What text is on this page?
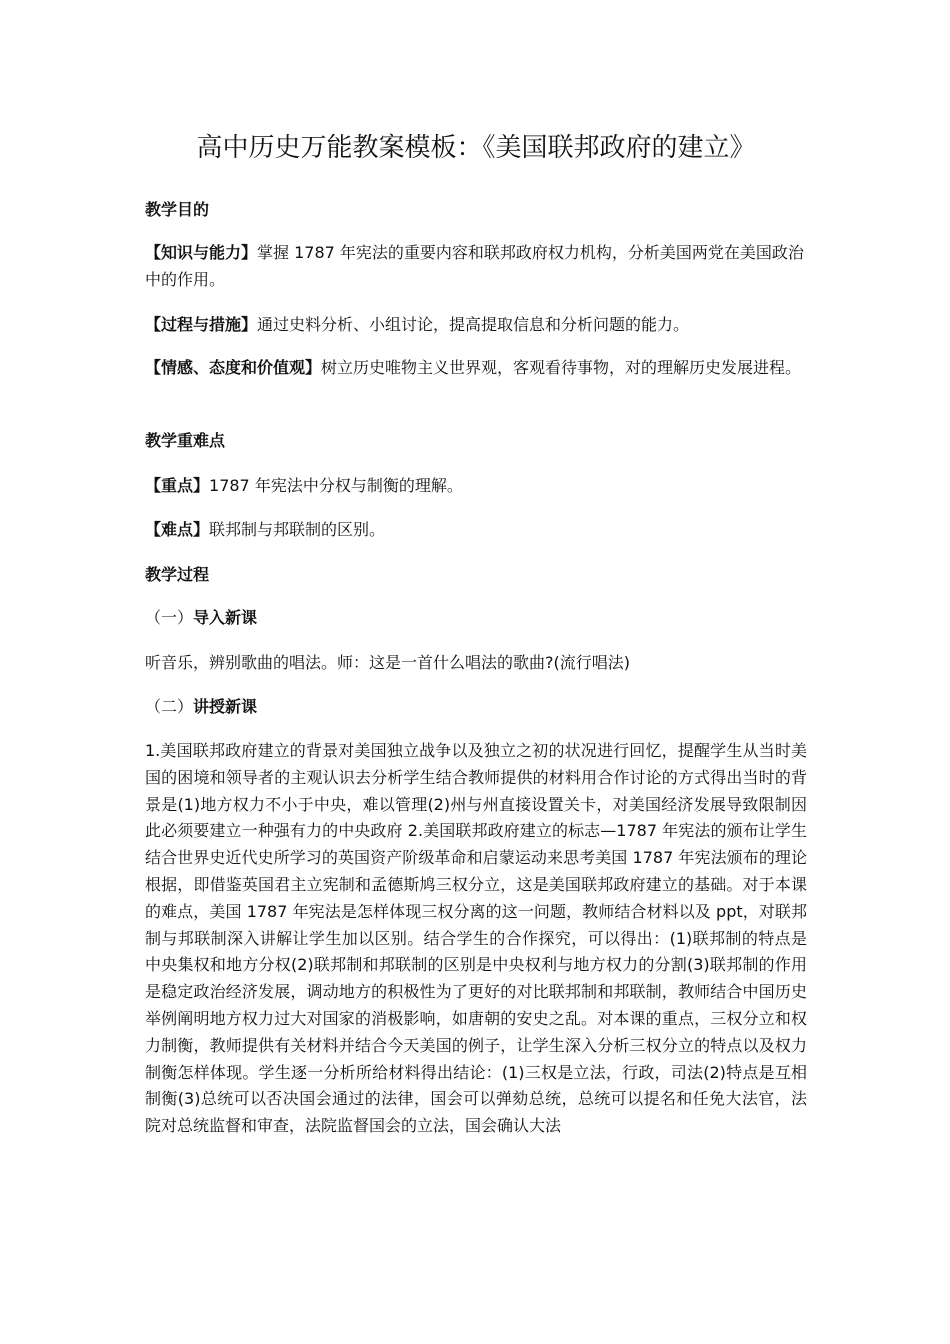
高中历史万能教案模板：《美国联邦政府的建立》
教学目的

【知识与能力】掌握 1787 年宪法的重要内容和联邦政府权力机构，分析美国两党在美国政治中的作用。

【过程与措施】通过史料分析、小组讨论，提高提取信息和分析问题的能力。

【情感、态度和价值观】树立历史唯物主义世界观，客观看待事物，对的理解历史发展进程。

教学重难点

【重点】1787 年宪法中分权与制衡的理解。

【难点】联邦制与邦联制的区别。

教学过程
（一）导入新课

听音乐，辨别歌曲的唱法。师：这是一首什么唱法的歌曲?(流行唱法)

（二）讲授新课

1.美国联邦政府建立的背景对美国独立战争以及独立之初的状况进行回忆，提醒学生从当时美国的困境和领导者的主观认识去分析学生结合教师提供的材料用合作讨论的方式得出当时的背景是(1)地方权力不小于中央，难以管理(2)州与州直接设置关卡，对美国经济发展导致限制因此必须要建立一种强有力的中央政府 2.美国联邦政府建立的标志—1787 年宪法的颁布让学生结合世界史近代史所学习的英国资产阶级革命和启蒙运动来思考美国 1787 年宪法颁布的理论根据，即借鉴英国君主立宪制和孟德斯鸠三权分立，这是美国联邦政府建立的基础。对于本课的难点，美国 1787 年宪法是怎样体现三权分离的这一问题，教师结合材料以及 ppt，对联邦制与邦联制深入讲解让学生加以区别。结合学生的合作探究，可以得出：(1)联邦制的特点是中央集权和地方分权(2)联邦制和邦联制的区别是中央权利与地方权力的分割(3)联邦制的作用是稳定政治经济发展，调动地方的积极性为了更好的对比联邦制和邦联制，教师结合中国历史举例阐明地方权力过大对国家的消极影响，如唐朝的安史之乱。对本课的重点，三权分立和权力制衡，教师提供有关材料并结合今天美国的例子，让学生深入分析三权分立的特点以及权力制衡怎样体现。学生逐一分析所给材料得出结论：(1)三权是立法，行政，司法(2)特点是互相制衡(3)总统可以否决国会通过的法律，国会可以弹劾总统，总统可以提名和任免大法官，法院对总统监督和审查，法院监督国会的立法，国会确认大法
